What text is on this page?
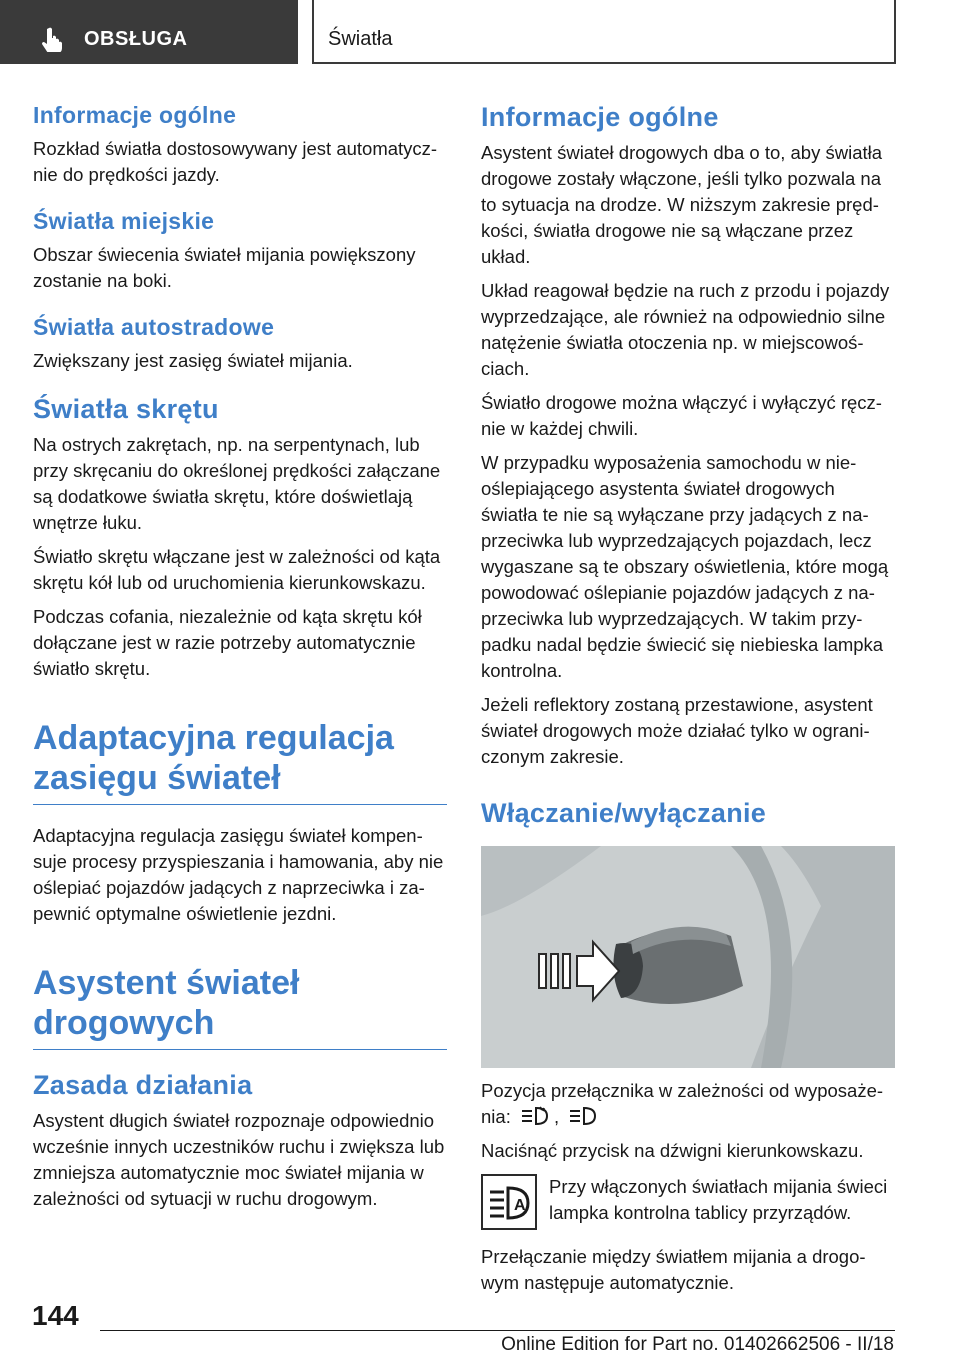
OBSŁUGA	Światła
Informacje ogólne

Rozkład światła dostosowywany jest automatycz-nie do prędkości jazdy.

Światła miejskie

Obszar świecenia świateł mijania powiększony zostanie na boki.

Światła autostradowe

Zwiększany jest zasięg świateł mijania.

Światła skrętu

Na ostrych zakrętach, np. na serpentynach, lub przy skręcaniu do określonej prędkości załączane są dodatkowe światła skrętu, które doświetlają wnętrze łuku.

Światło skrętu włączane jest w zależności od kąta skrętu kół lub od uruchomienia kierunkowskazu.

Podczas cofania, niezależnie od kąta skrętu kół dołączane jest w razie potrzeby automatycznie światło skrętu.

Adaptacyjna regulacja zasięgu świateł

Adaptacyjna regulacja zasięgu świateł kompen-suje procesy przyspieszania i hamowania, aby nie oślepiać pojazdów jadących z naprzeciwka i za-pewnić optymalne oświetlenie jezdni.

Asystent świateł drogowych
Zasada działania

Asystent długich świateł rozpoznaje odpowiednio wcześnie innych uczestników ruchu i zwiększa lub zmniejsza automatycznie moc świateł mijania w zależności od sytuacji w ruchu drogowym.

Informacje ogólne

Asystent świateł drogowych dba o to, aby światła drogowe zostały włączone, jeśli tylko pozwala na to sytuacja na drodze. W niższym zakresie pręd-kości, światła drogowe nie są włączane przez układ.

Układ reagował będzie na ruch z przodu i pojazdy wyprzedzające, ale również na odpowiednio silne natężenie światła otoczenia np. w miejscowoś-ciach.

Światło drogowe można włączyć i wyłączyć ręcz-nie w każdej chwili.

W przypadku wyposażenia samochodu w nie-oślepiającego asystenta świateł drogowych światła te nie są wyłączane przy jadących z na-przeciwka lub wyprzedzających pojazdach, lecz wygaszane są te obszary oświetlenia, które mogą powodować oślepianie pojazdów jadących z na-przeciwka lub wyprzedzających. W takim przy-padku nadal będzie świecić się niebieska lampka kontrolna.

Jeżeli reflektory zostaną przestawione, asystent świateł drogowych może działać tylko w ograni-czonym zakresie.

Włączanie/wyłączanie

Pozycja przełącznika w zależności od wyposaże-nia: ,

Naciśnąć przycisk na dźwigni kierunkowskazu.

A
Przy włączonych światłach mijania świeci lampka kontrolna tablicy przyrządów.

Przełączanie między światłem mijania a drogo-wym następuje automatycznie.

144
Online Edition for Part no. 01402662506 - II/18
